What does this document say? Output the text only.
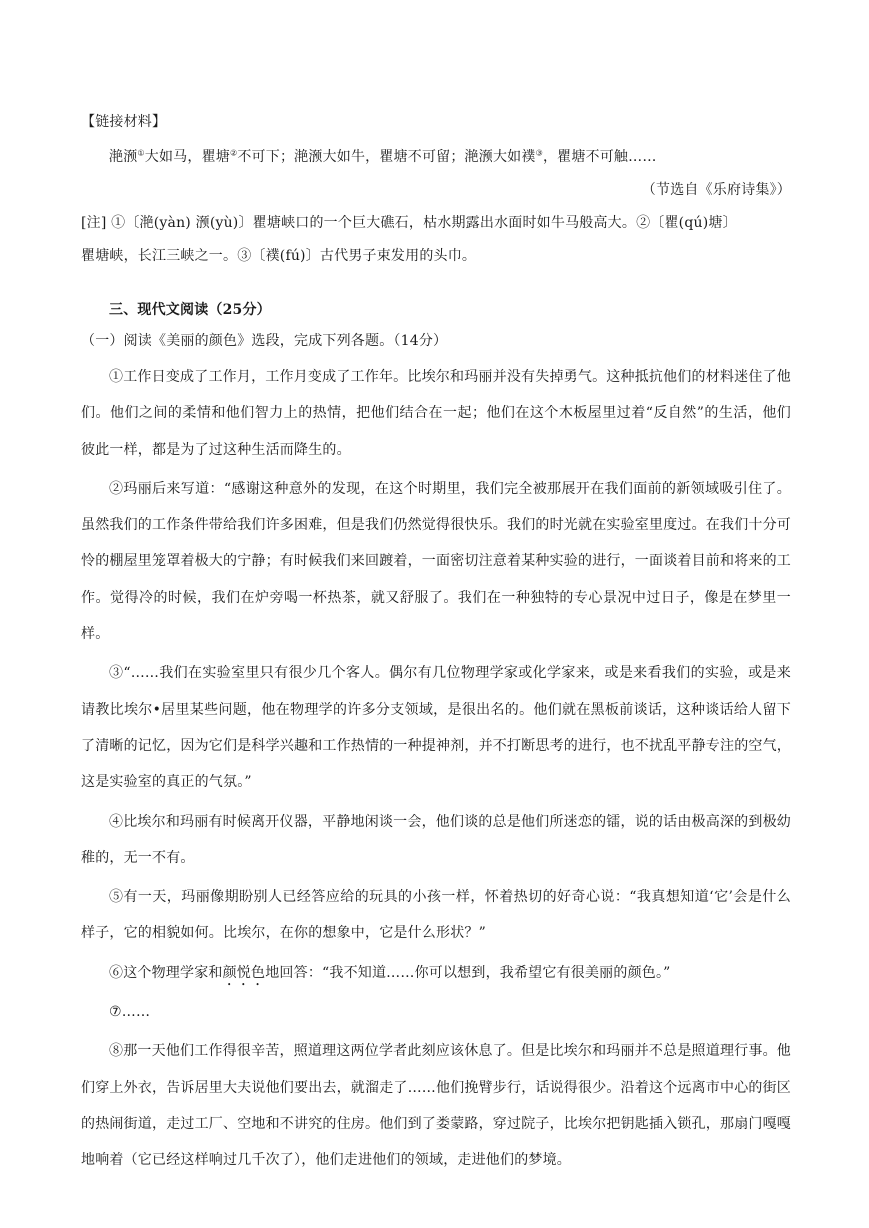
【链接材料】

滟滪①大如马，瞿塘②不可下；滟滪大如牛，瞿塘不可留；滟滪大如襆③，瞿塘不可触……

（节选自《乐府诗集》）

[注] ①〔滟(yàn) 滪(yù)〕瞿塘峡口的一个巨大礁石，枯水期露出水面时如牛马般高大。②〔瞿(qú)塘〕

瞿塘峡，长江三峡之一。③〔襆(fú)〕古代男子束发用的头巾。

三、现代文阅读（25分）

（一）阅读《美丽的颜色》选段，完成下列各题。（14分）

①工作日变成了工作月，工作月变成了工作年。比埃尔和玛丽并没有失掉勇气。这种抵抗他们的材料迷住了他们。他们之间的柔情和他们智力上的热情，把他们结合在一起；他们在这个木板屋里过着“反自然”的生活，他们彼此一样，都是为了过这种生活而降生的。

②玛丽后来写道：“感谢这种意外的发现，在这个时期里，我们完全被那展开在我们面前的新领域吸引住了。虽然我们的工作条件带给我们许多困难，但是我们仍然觉得很快乐。我们的时光就在实验室里度过。在我们十分可怜的棚屋里笼罩着极大的宁静；有时候我们来回踱着，一面密切注意着某种实验的进行，一面谈着目前和将来的工作。觉得冷的时候，我们在炉旁喝一杯热茶，就又舒服了。我们在一种独特的专心景况中过日子，像是在梦里一样。

③“……我们在实验室里只有很少几个客人。偶尔有几位物理学家或化学家来，或是来看我们的实验，或是来请教比埃尔•居里某些问题，他在物理学的许多分支领域，是很出名的。他们就在黑板前谈话，这种谈话给人留下了清晰的记忆，因为它们是科学兴趣和工作热情的一种提神剂，并不打断思考的进行，也不扰乱平静专注的空气，这是实验室的真正的气氛。”

④比埃尔和玛丽有时候离开仪器，平静地闲谈一会，他们谈的总是他们所迷恋的镭，说的话由极高深的到极幼稚的，无一不有。

⑤有一天，玛丽像期盼别人已经答应给的玩具的小孩一样，怀着热切的好奇心说：“我真想知道‘它’会是什么样子，它的相貌如何。比埃尔，在你的想象中，它是什么形状？”

⑥这个物理学家和颜悦色地回答：“我不知道……你可以想到，我希望它有很美丽的颜色。”

⑦……

⑧那一天他们工作得很辛苦，照道理这两位学者此刻应该休息了。但是比埃尔和玛丽并不总是照道理行事。他们穿上外衣，告诉居里大夫说他们要出去，就溜走了……他们挽臂步行，话说得很少。沿着这个远离市中心的街区的热闹街道，走过工厂、空地和不讲究的住房。他们到了娄蒙路，穿过院子，比埃尔把钥匙插入锁孔，那扇门嘎嘎地响着（它已经这样响过几千次了），他们走进他们的领域，走进他们的梦境。
